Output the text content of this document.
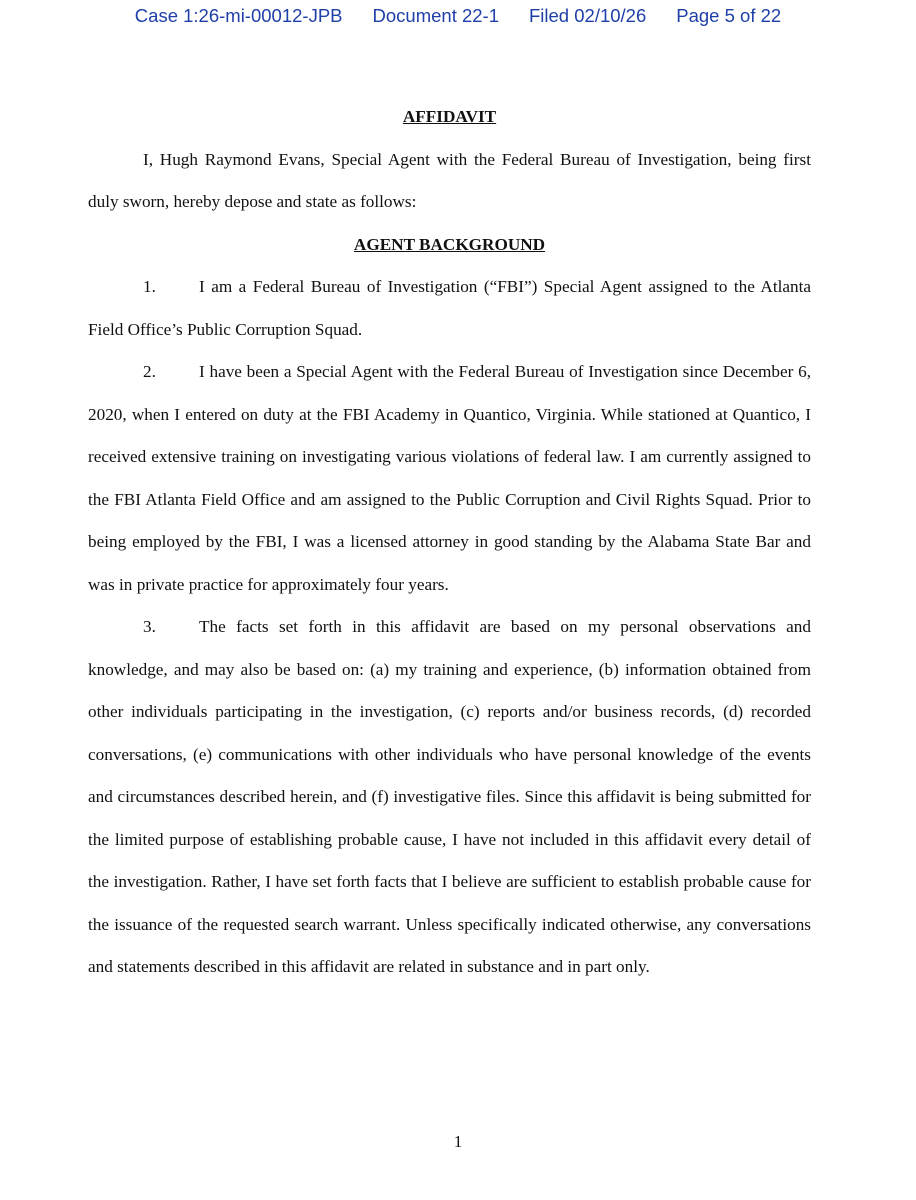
Case 1:26-mi-00012-JPB Document 22-1 Filed 02/10/26 Page 5 of 22

AFFIDAVIT

I, Hugh Raymond Evans, Special Agent with the Federal Bureau of Investigation, being first duly sworn, hereby depose and state as follows:

AGENT BACKGROUND

1.	I am a Federal Bureau of Investigation (“FBI”) Special Agent assigned to the Atlanta Field Office’s Public Corruption Squad.

2.	I have been a Special Agent with the Federal Bureau of Investigation since December 6, 2020, when I entered on duty at the FBI Academy in Quantico, Virginia. While stationed at Quantico, I received extensive training on investigating various violations of federal law. I am currently assigned to the FBI Atlanta Field Office and am assigned to the Public Corruption and Civil Rights Squad. Prior to being employed by the FBI, I was a licensed attorney in good standing by the Alabama State Bar and was in private practice for approximately four years.

3.	The facts set forth in this affidavit are based on my personal observations and knowledge, and may also be based on: (a) my training and experience, (b) information obtained from other individuals participating in the investigation, (c) reports and/or business records, (d) recorded conversations, (e) communications with other individuals who have personal knowledge of the events and circumstances described herein, and (f) investigative files. Since this affidavit is being submitted for the limited purpose of establishing probable cause, I have not included in this affidavit every detail of the investigation. Rather, I have set forth facts that I believe are sufficient to establish probable cause for the issuance of the requested search warrant. Unless specifically indicated otherwise, any conversations and statements described in this affidavit are related in substance and in part only.

1
